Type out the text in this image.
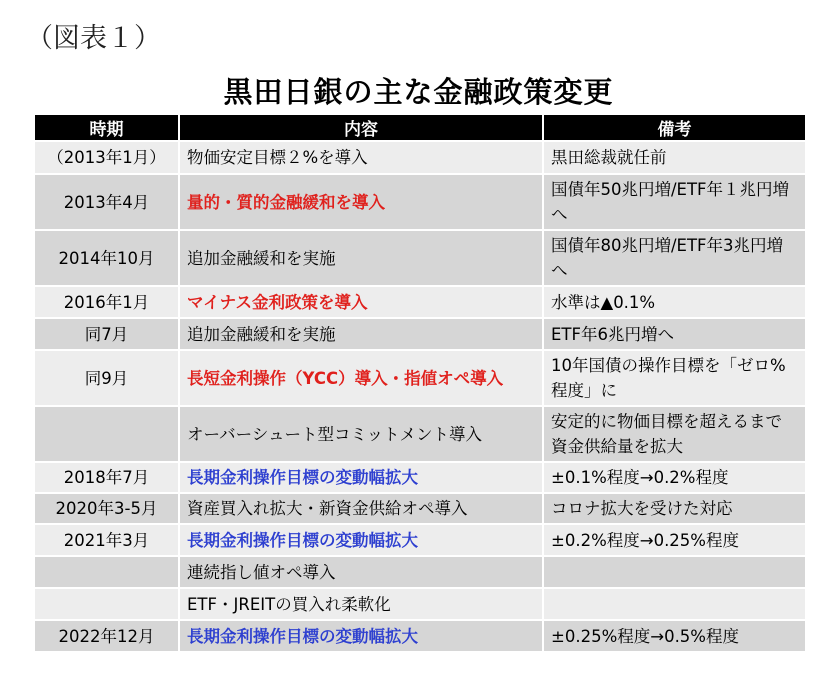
（図表１）
黒田日銀の主な金融政策変更
時期	内容	備考
（2013年1月）	物価安定目標２%を導入	黒田総裁就任前
2013年4月	量的・質的金融緩和を導入	国債年50兆円増/ETF年１兆円増へ
2014年10月	追加金融緩和を実施	国債年80兆円増/ETF年3兆円増へ
2016年1月	マイナス金利政策を導入	水準は▲0.1%
同7月	追加金融緩和を実施	ETF年6兆円増へ
同9月	長短金利操作（YCC）導入・指値オペ導入	10年国債の操作目標を「ゼロ%程度」に
	オーバーシュート型コミットメント導入	安定的に物価目標を超えるまで資金供給量を拡大
2018年7月	長期金利操作目標の変動幅拡大	±0.1%程度→0.2%程度
2020年3-5月	資産買入れ拡大・新資金供給オペ導入	コロナ拡大を受けた対応
2021年3月	長期金利操作目標の変動幅拡大	±0.2%程度→0.25%程度
	連続指し値オペ導入	
	ETF・JREITの買入れ柔軟化	
2022年12月	長期金利操作目標の変動幅拡大	±0.25%程度→0.5%程度
